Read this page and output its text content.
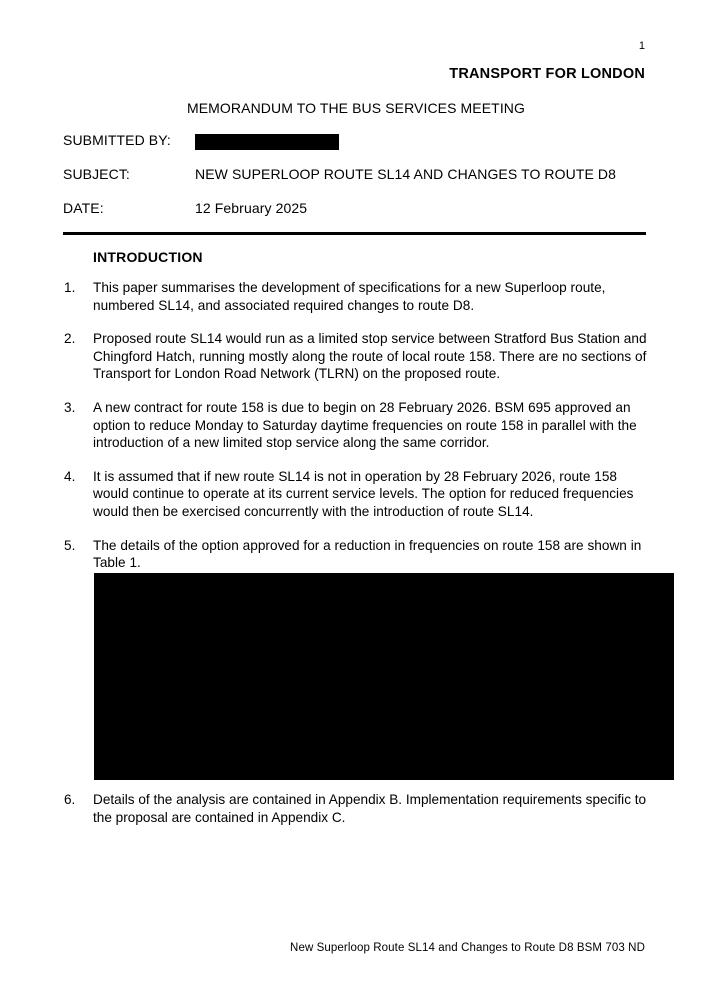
1
TRANSPORT FOR LONDON
MEMORANDUM TO THE BUS SERVICES MEETING
SUBMITTED BY:
SUBJECT:	NEW SUPERLOOP ROUTE SL14 AND CHANGES TO ROUTE D8
DATE:	12 February 2025
INTRODUCTION
1.	This paper summarises the development of specifications for a new Superloop route, numbered SL14, and associated required changes to route D8.
2.	Proposed route SL14 would run as a limited stop service between Stratford Bus Station and Chingford Hatch, running mostly along the route of local route 158. There are no sections of Transport for London Road Network (TLRN) on the proposed route.
3.	A new contract for route 158 is due to begin on 28 February 2026. BSM 695 approved an option to reduce Monday to Saturday daytime frequencies on route 158 in parallel with the introduction of a new limited stop service along the same corridor.
4.	It is assumed that if new route SL14 is not in operation by 28 February 2026, route 158 would continue to operate at its current service levels. The option for reduced frequencies would then be exercised concurrently with the introduction of route SL14.
5.	The details of the option approved for a reduction in frequencies on route 158 are shown in Table 1.
6.	Details of the analysis are contained in Appendix B. Implementation requirements specific to the proposal are contained in Appendix C.
New Superloop Route SL14 and Changes to Route D8 BSM 703 ND
